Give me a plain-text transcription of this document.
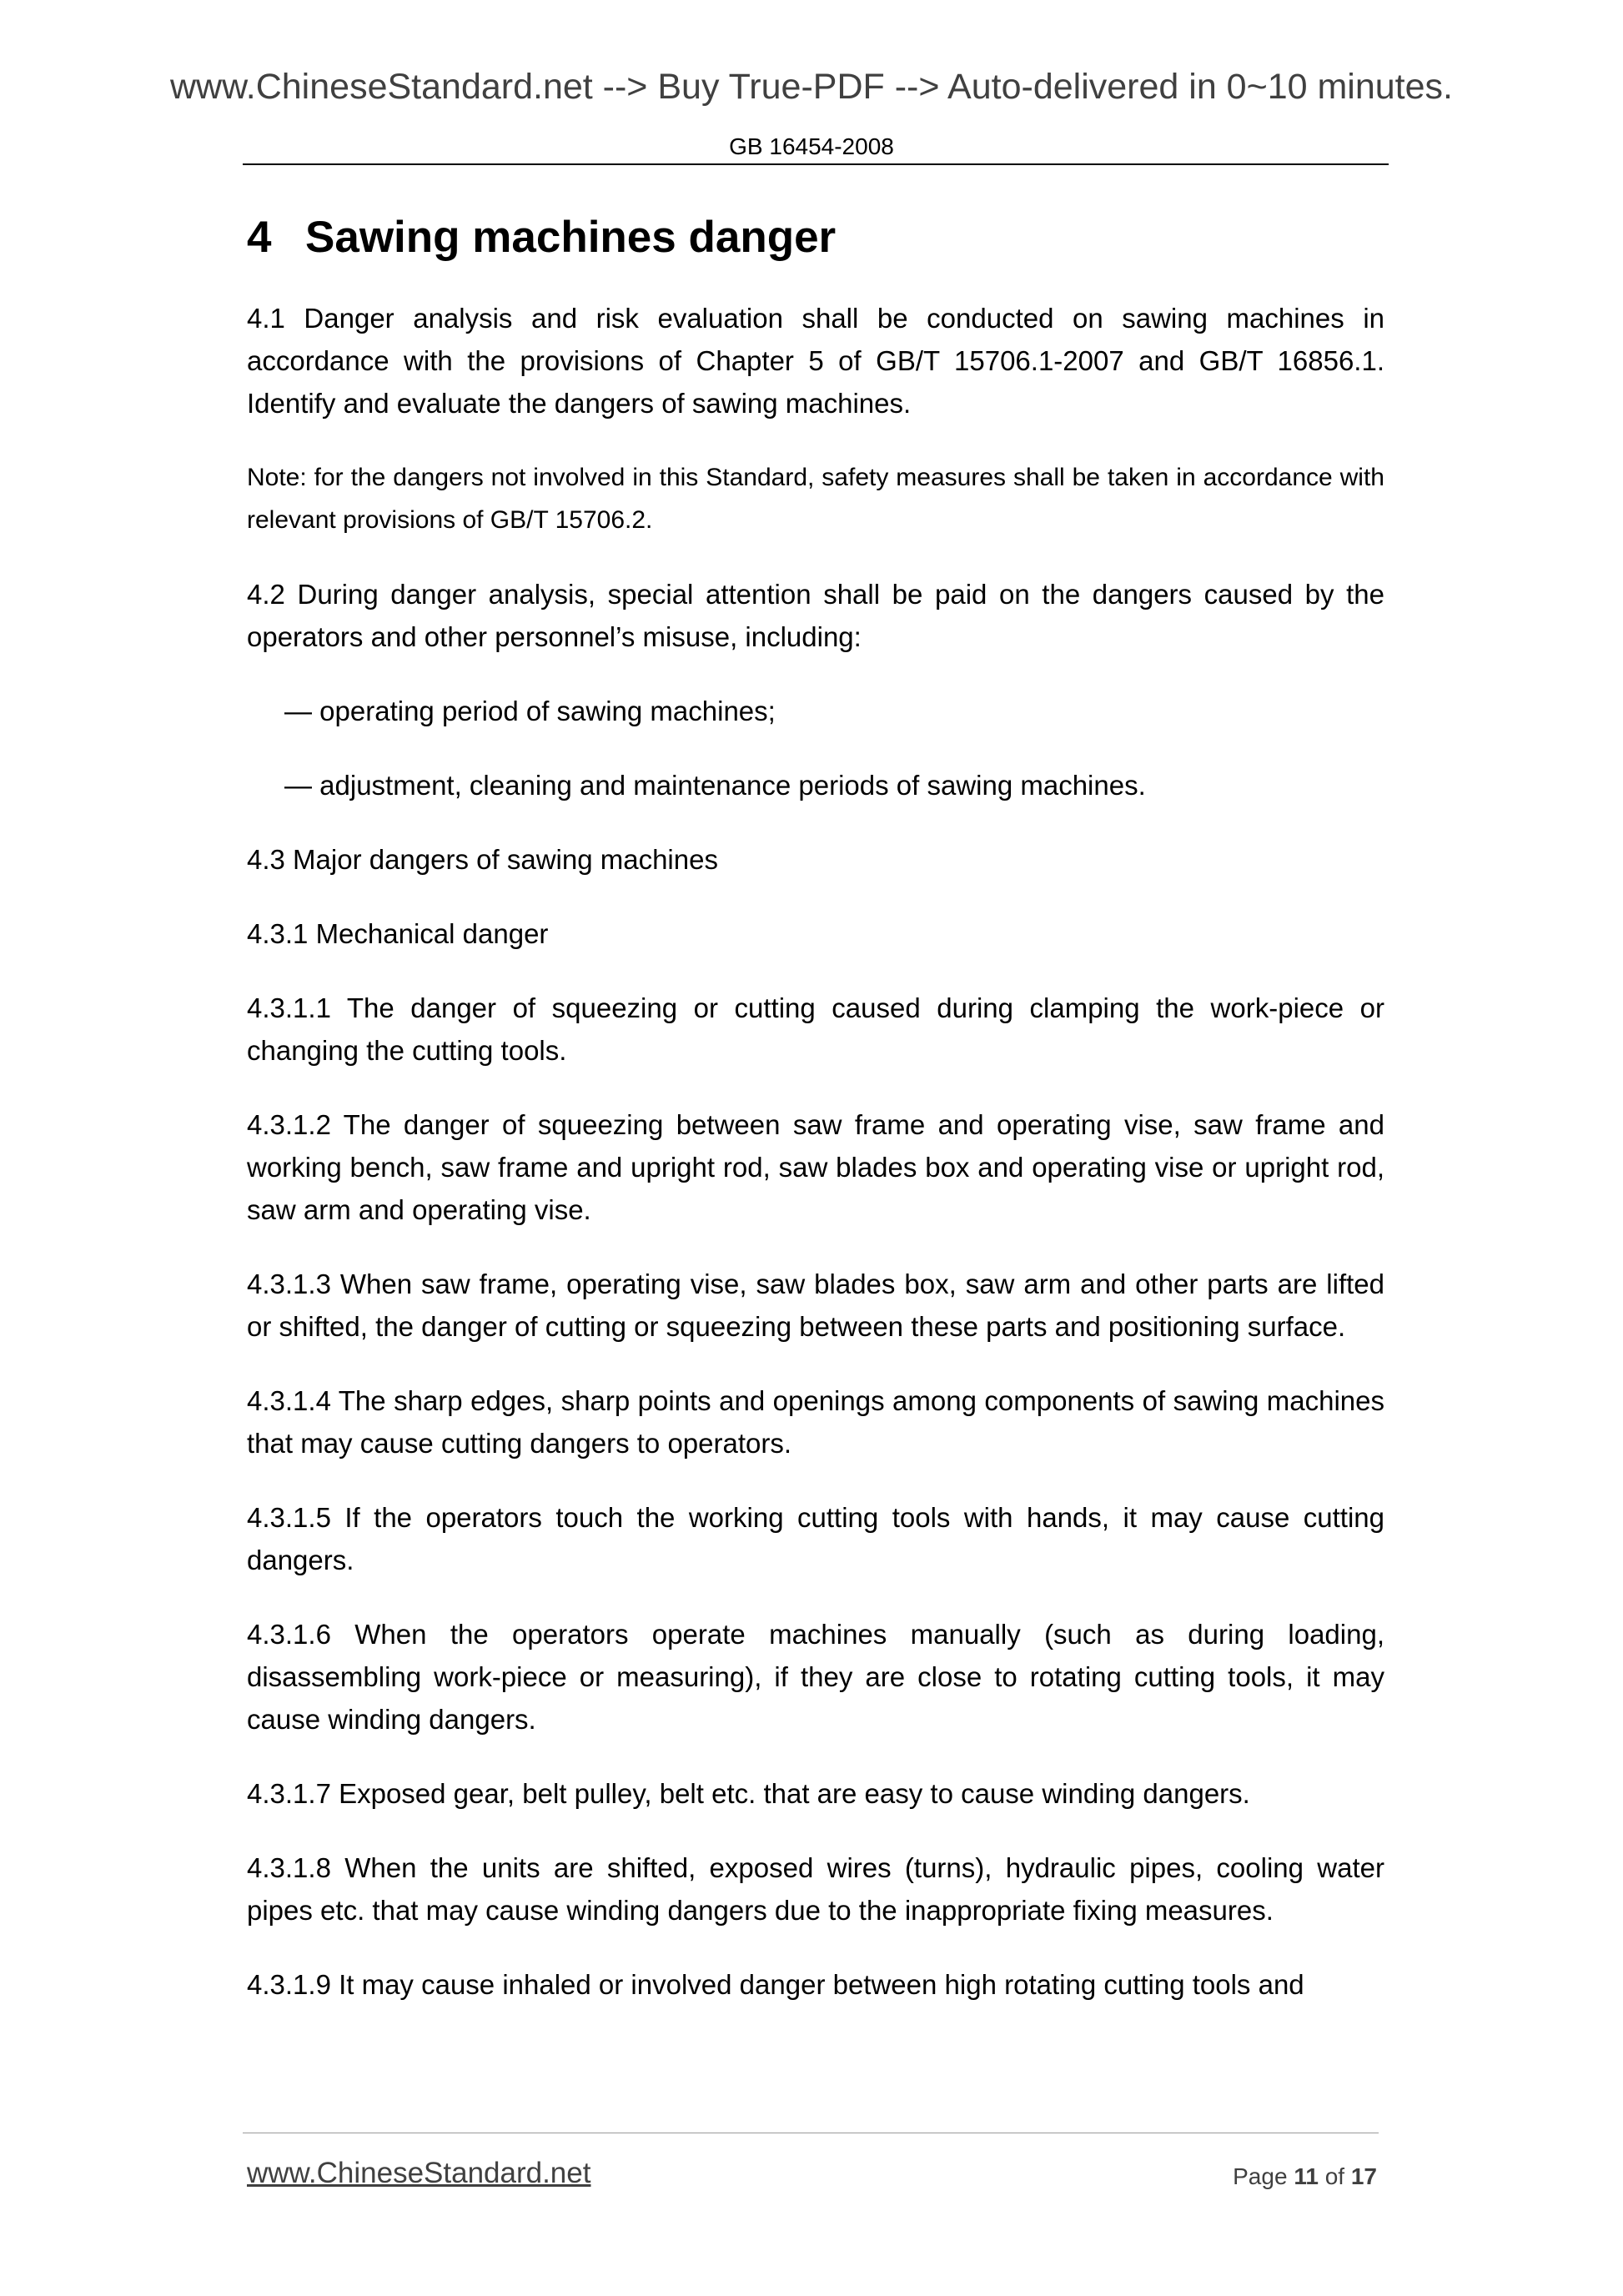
www.ChineseStandard.net --> Buy True-PDF --> Auto-delivered in 0~10 minutes.
GB 16454-2008
4 Sawing machines danger

4.1 Danger analysis and risk evaluation shall be conducted on sawing machines in accordance with the provisions of Chapter 5 of GB/T 15706.1-2007 and GB/T 16856.1. Identify and evaluate the dangers of sawing machines.

Note: for the dangers not involved in this Standard, safety measures shall be taken in accordance with relevant provisions of GB/T 15706.2.

4.2 During danger analysis, special attention shall be paid on the dangers caused by the operators and other personnel’s misuse, including:

— operating period of sawing machines;

— adjustment, cleaning and maintenance periods of sawing machines.

4.3 Major dangers of sawing machines

4.3.1 Mechanical danger

4.3.1.1 The danger of squeezing or cutting caused during clamping the work-piece or changing the cutting tools.

4.3.1.2 The danger of squeezing between saw frame and operating vise, saw frame and working bench, saw frame and upright rod, saw blades box and operating vise or upright rod, saw arm and operating vise.

4.3.1.3 When saw frame, operating vise, saw blades box, saw arm and other parts are lifted or shifted, the danger of cutting or squeezing between these parts and positioning surface.

4.3.1.4 The sharp edges, sharp points and openings among components of sawing machines that may cause cutting dangers to operators.

4.3.1.5 If the operators touch the working cutting tools with hands, it may cause cutting dangers.

4.3.1.6 When the operators operate machines manually (such as during loading, disassembling work-piece or measuring), if they are close to rotating cutting tools, it may cause winding dangers.

4.3.1.7 Exposed gear, belt pulley, belt etc. that are easy to cause winding dangers.

4.3.1.8 When the units are shifted, exposed wires (turns), hydraulic pipes, cooling water pipes etc. that may cause winding dangers due to the inappropriate fixing measures.

4.3.1.9 It may cause inhaled or involved danger between high rotating cutting tools and

www.ChineseStandard.net	Page 11 of 17
